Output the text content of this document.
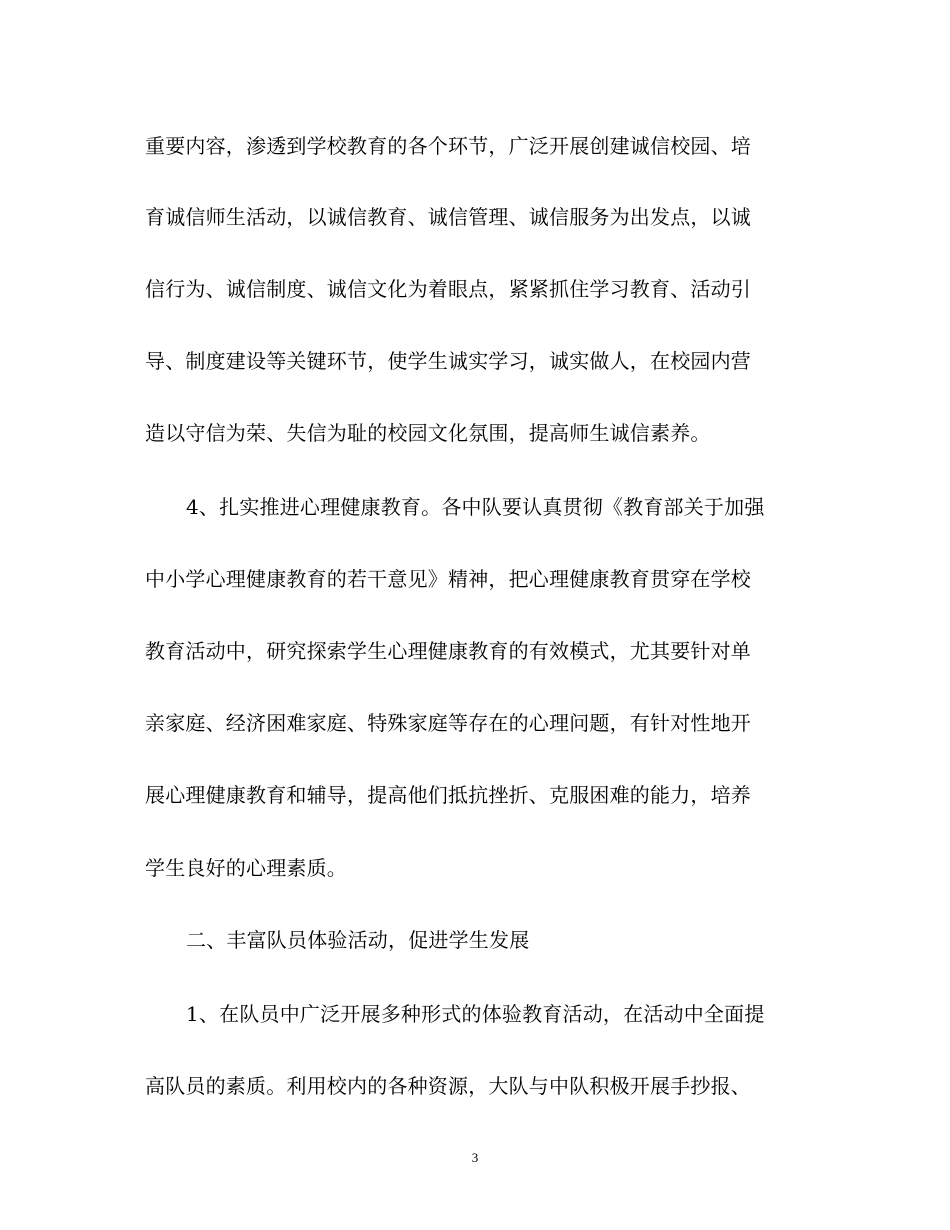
重要内容，渗透到学校教育的各个环节，广泛开展创建诚信校园、培
育诚信师生活动，以诚信教育、诚信管理、诚信服务为出发点，以诚
信行为、诚信制度、诚信文化为着眼点，紧紧抓住学习教育、活动引
导、制度建设等关键环节，使学生诚实学习，诚实做人，在校园内营
造以守信为荣、失信为耻的校园文化氛围，提高师生诚信素养。
4、扎实推进心理健康教育。各中队要认真贯彻《教育部关于加强
中小学心理健康教育的若干意见》精神，把心理健康教育贯穿在学校
教育活动中，研究探索学生心理健康教育的有效模式，尤其要针对单
亲家庭、经济困难家庭、特殊家庭等存在的心理问题，有针对性地开
展心理健康教育和辅导，提高他们抵抗挫折、克服困难的能力，培养
学生良好的心理素质。
二、丰富队员体验活动，促进学生发展
1、在队员中广泛开展多种形式的体验教育活动，在活动中全面提
高队员的素质。利用校内的各种资源，大队与中队积极开展手抄报、
3
